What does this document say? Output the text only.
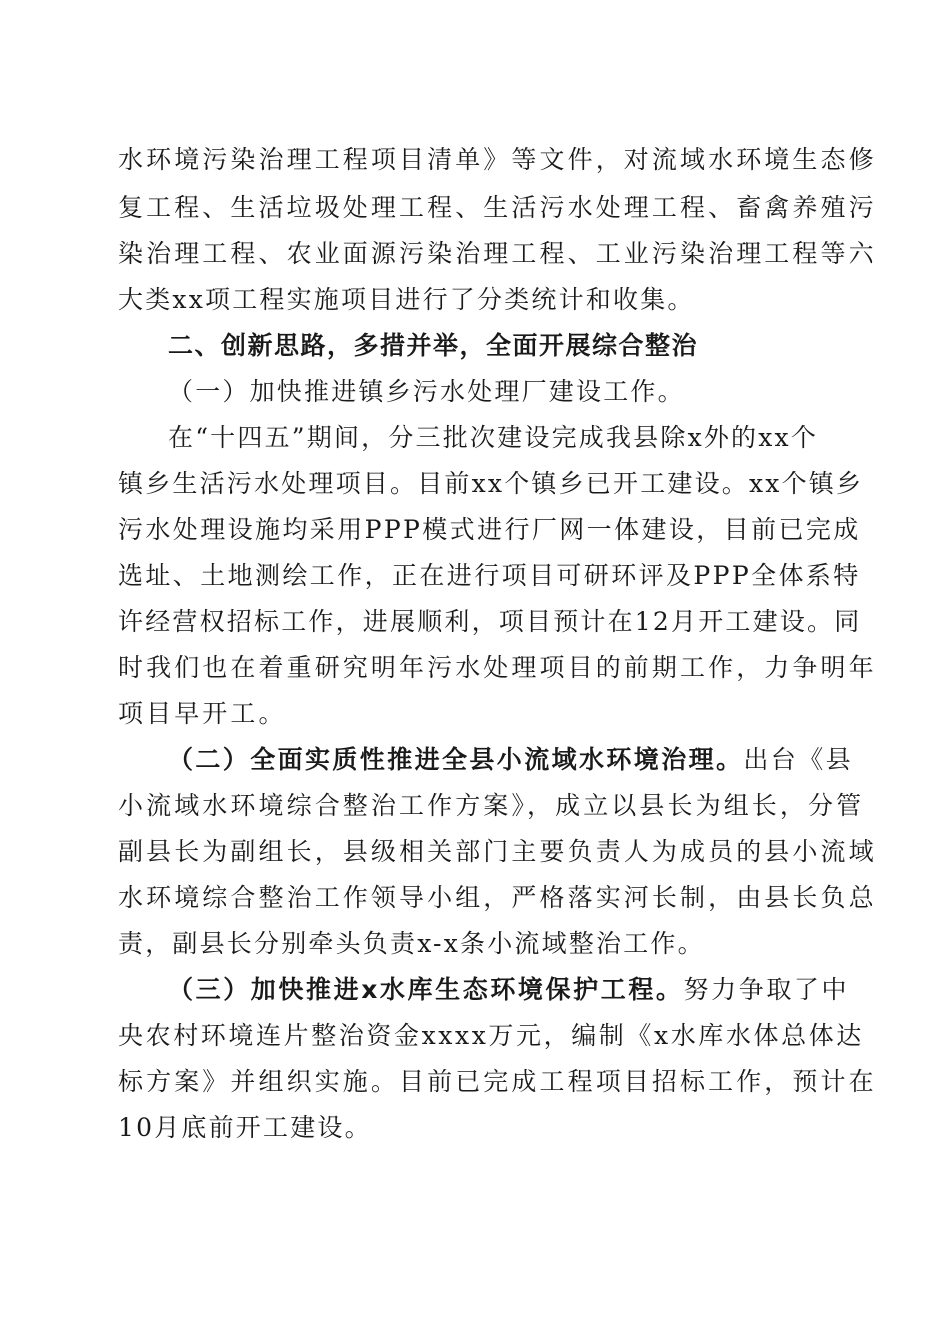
水环境污染治理工程项目清单》等文件，对流域水环境生态修
复工程、生活垃圾处理工程、生活污水处理工程、畜禽养殖污
染治理工程、农业面源污染治理工程、工业污染治理工程等六
大类xx项工程实施项目进行了分类统计和收集。
二、创新思路，多措并举，全面开展综合整治
（一）加快推进镇乡污水处理厂建设工作。
在“十四五”期间，分三批次建设完成我县除x外的xx个
镇乡生活污水处理项目。目前xx个镇乡已开工建设。xx个镇乡
污水处理设施均采用PPP模式进行厂网一体建设，目前已完成
选址、土地测绘工作，正在进行项目可研环评及PPP全体系特
许经营权招标工作，进展顺利，项目预计在12月开工建设。同
时我们也在着重研究明年污水处理项目的前期工作，力争明年
项目早开工。
（二）全面实质性推进全县小流域水环境治理。出台《县
小流域水环境综合整治工作方案》，成立以县长为组长，分管
副县长为副组长，县级相关部门主要负责人为成员的县小流域
水环境综合整治工作领导小组，严格落实河长制，由县长负总
责，副县长分别牵头负责x-x条小流域整治工作。
（三）加快推进x水库生态环境保护工程。努力争取了中
央农村环境连片整治资金xxxx万元，编制《x水库水体总体达
标方案》并组织实施。目前已完成工程项目招标工作，预计在
10月底前开工建设。
